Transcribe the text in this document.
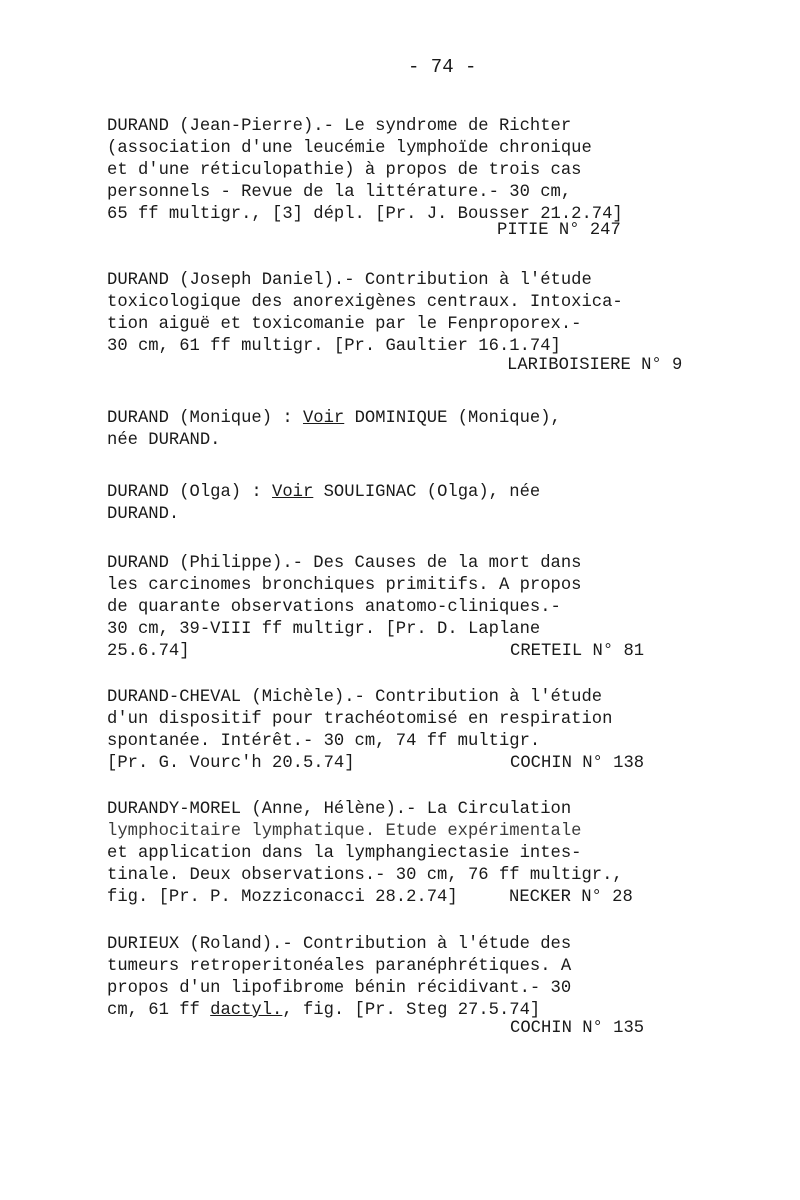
- 74 -
DURAND (Jean-Pierre).- Le syndrome de Richter
(association d'une leucémie lymphoïde chronique
et d'une réticulopathie) à propos de trois cas
personnels - Revue de la littérature.- 30 cm,
65 ff multigr., [3] dépl. [Pr. J. Bousser 21.2.74]
PITIE N° 247
DURAND (Joseph Daniel).- Contribution à l'étude
toxicologique des anorexigènes centraux. Intoxica-
tion aiguë et toxicomanie par le Fenproporex.-
30 cm, 61 ff multigr. [Pr. Gaultier 16.1.74]
LARIBOISIERE N° 9
DURAND (Monique) : Voir DOMINIQUE (Monique),
née DURAND.
DURAND (Olga) : Voir SOULIGNAC (Olga), née
DURAND.
DURAND (Philippe).- Des Causes de la mort dans
les carcinomes bronchiques primitifs. A propos
de quarante observations anatomo-cliniques.-
30 cm, 39-VIII ff multigr. [Pr. D. Laplane
25.6.74]	CRETEIL N° 81
DURAND-CHEVAL (Michèle).- Contribution à l'étude
d'un dispositif pour trachéotomisé en respiration
spontanée. Intérêt.- 30 cm, 74 ff multigr.
[Pr. G. Vourc'h 20.5.74]	COCHIN N° 138
DURANDY-MOREL (Anne, Hélène).- La Circulation
lymphocitaire lymphatique. Etude expérimentale
et application dans la lymphangiectasie intes-
tinale. Deux observations.- 30 cm, 76 ff multigr.,
fig. [Pr. P. Mozziconacci 28.2.74]	NECKER N° 28
DURIEUX (Roland).- Contribution à l'étude des
tumeurs retroperitonéales paranéphrétiques. A
propos d'un lipofibrome bénin récidivant.- 30
cm, 61 ff dactyl., fig. [Pr. Steg 27.5.74]
COCHIN N° 135
